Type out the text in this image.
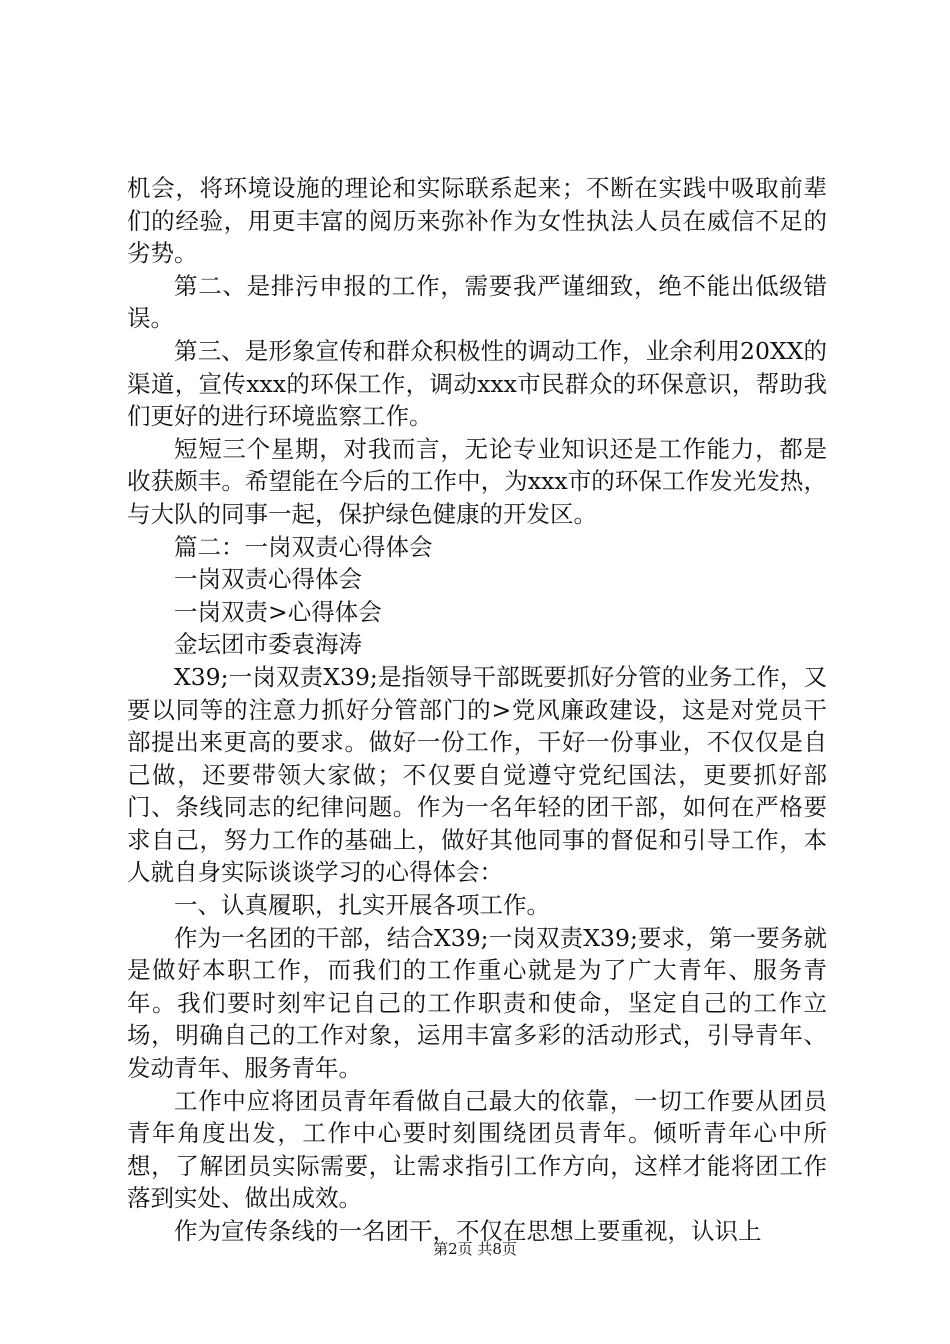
机会，将环境设施的理论和实际联系起来；不断在实践中吸取前辈们的经验，用更丰富的阅历来弥补作为女性执法人员在威信不足的劣势。

第二、是排污申报的工作，需要我严谨细致，绝不能出低级错误。

第三、是形象宣传和群众积极性的调动工作，业余利用20XX的渠道，宣传xxx的环保工作，调动xxx市民群众的环保意识，帮助我们更好的进行环境监察工作。

短短三个星期，对我而言，无论专业知识还是工作能力，都是收获颇丰。希望能在今后的工作中，为xxx市的环保工作发光发热，与大队的同事一起，保护绿色健康的开发区。

篇二：一岗双责心得体会

一岗双责心得体会

一岗双责>心得体会

金坛团市委袁海涛

X39;一岗双责X39;是指领导干部既要抓好分管的业务工作，又要以同等的注意力抓好分管部门的>党风廉政建设，这是对党员干部提出来更高的要求。做好一份工作，干好一份事业，不仅仅是自己做，还要带领大家做；不仅要自觉遵守党纪国法，更要抓好部门、条线同志的纪律问题。作为一名年轻的团干部，如何在严格要求自己，努力工作的基础上，做好其他同事的督促和引导工作，本人就自身实际谈谈学习的心得体会：

一、认真履职，扎实开展各项工作。

作为一名团的干部，结合X39;一岗双责X39;要求，第一要务就是做好本职工作，而我们的工作重心就是为了广大青年、服务青年。我们要时刻牢记自己的工作职责和使命，坚定自己的工作立场，明确自己的工作对象，运用丰富多彩的活动形式，引导青年、发动青年、服务青年。

工作中应将团员青年看做自己最大的依靠，一切工作要从团员青年角度出发，工作中心要时刻围绕团员青年。倾听青年心中所想，了解团员实际需要，让需求指引工作方向，这样才能将团工作落到实处、做出成效。

作为宣传条线的一名团干，不仅在思想上要重视，认识上

第2页 共8页
